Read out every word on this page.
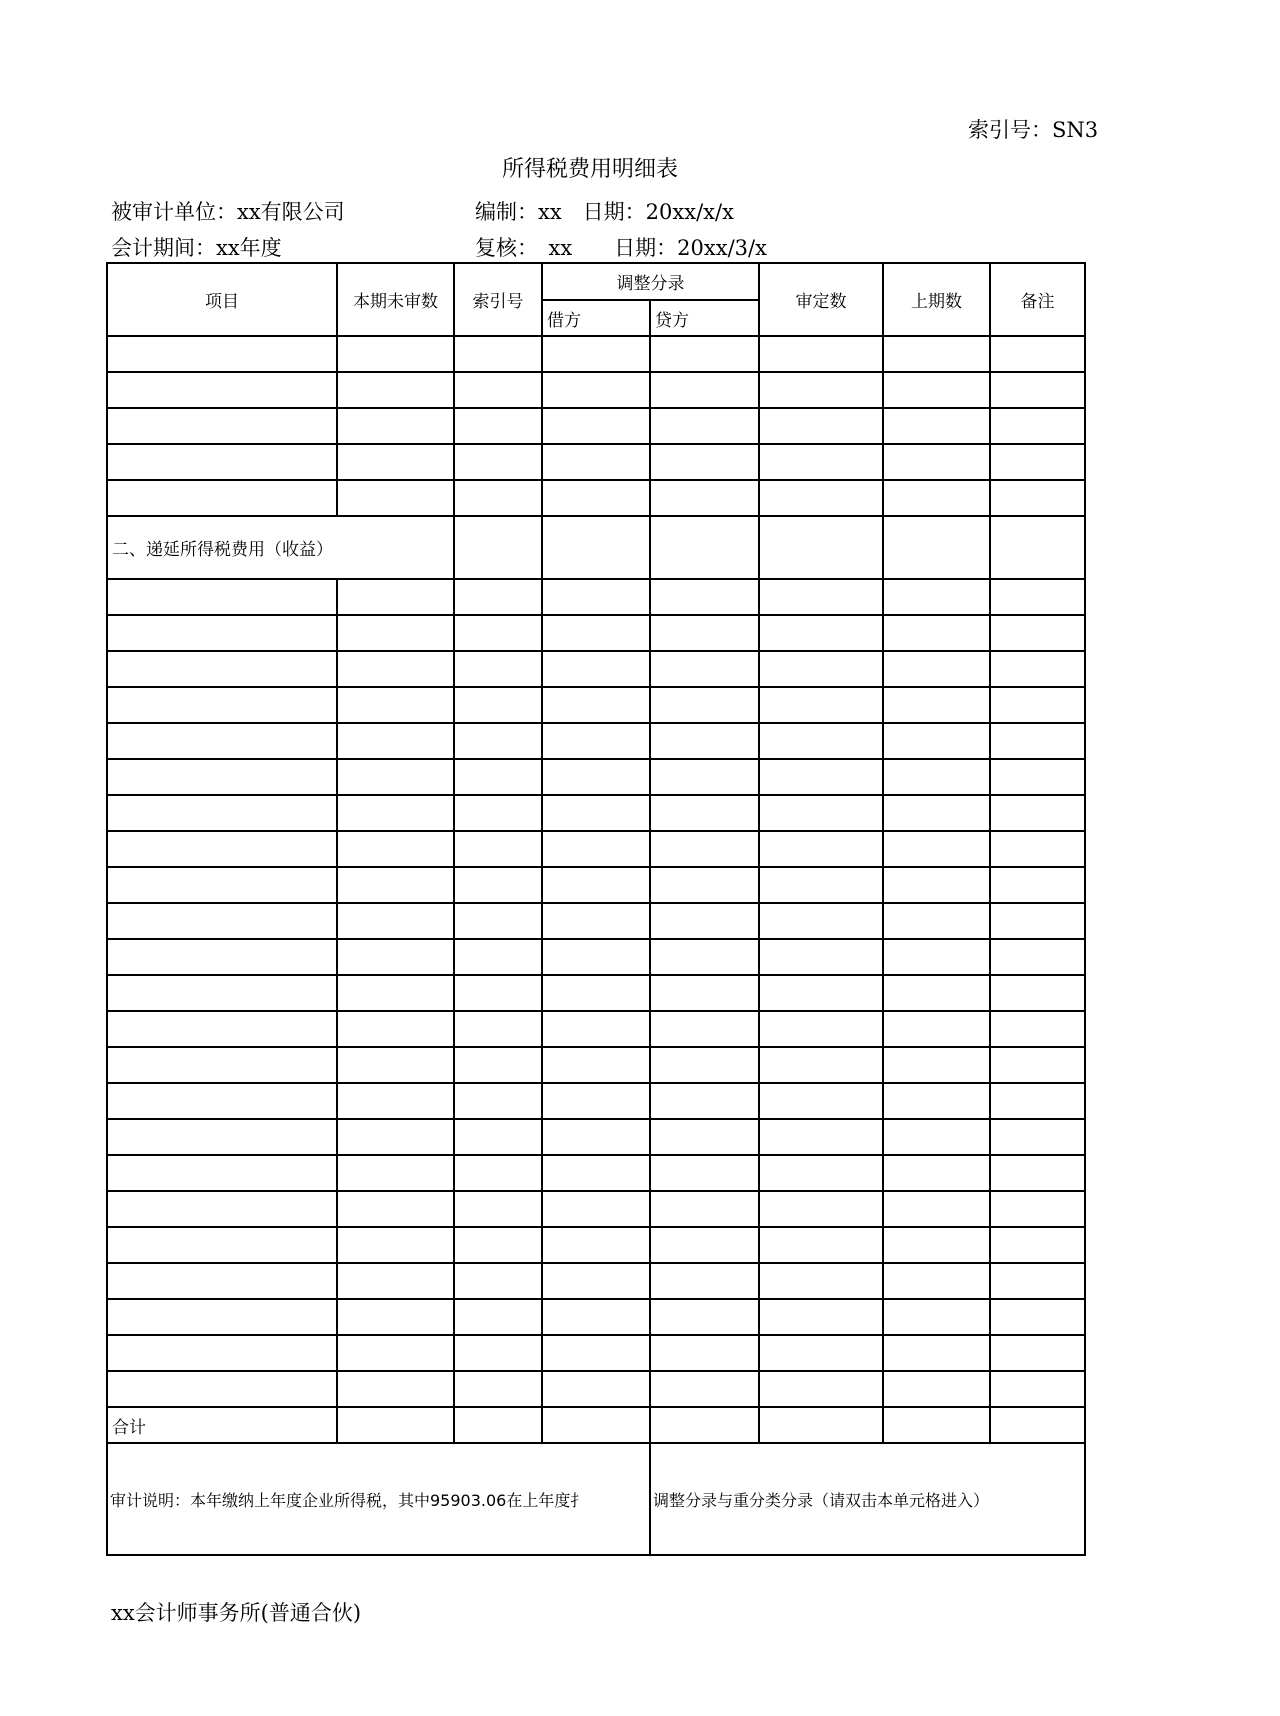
索引号：SN3
所得税费用明细表
被审计单位：xx有限公司
会计期间：xx年度
编制：xx　日期：20xx/x/x
复核：　xx　　日期：20xx/3/x
项目	本期未审数	索引号	调整分录		审定数	上期数	备注
			借方	贷方			

二、递延所得税费用（收益）							

合计							
审计说明：本年缴纳上年度企业所得税，其中95903.06在上年度扌				调整分录与重分类分录（请双击本单元格进入）			
xx会计师事务所(普通合伙)
